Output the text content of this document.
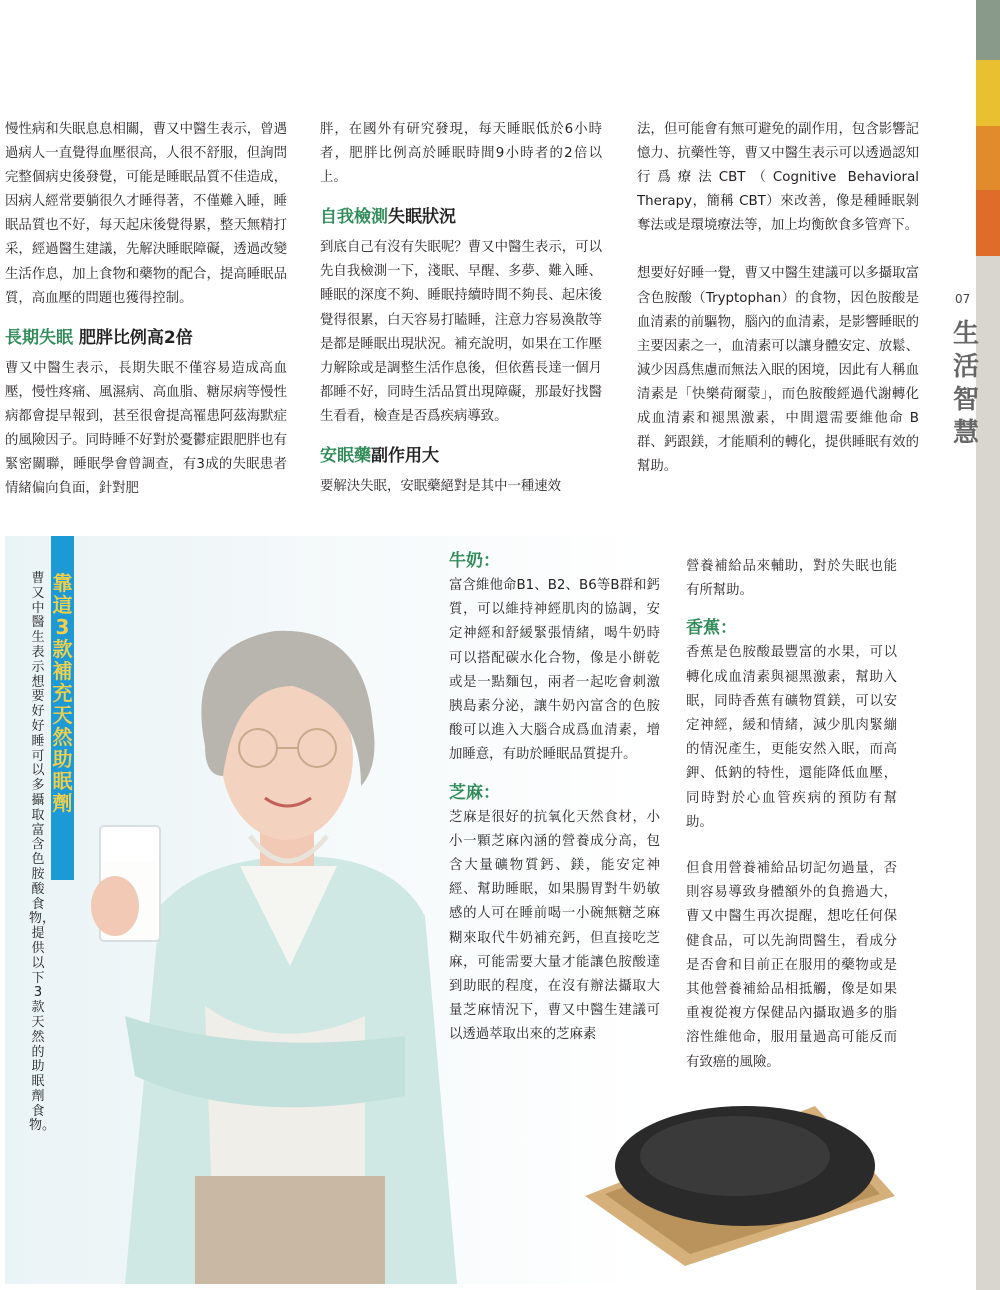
07
生活智慧

慢性病和失眠息息相關，曹又中醫生表示，曾遇過病人一直覺得血壓很高，人很不舒服，但詢問完整個病史後發覺，可能是睡眠品質不佳造成，因病人經常要躺很久才睡得著，不僅難入睡，睡眠品質也不好，每天起床後覺得累，整天無精打采，經過醫生建議，先解決睡眠障礙，透過改變生活作息，加上食物和藥物的配合，提高睡眠品質，高血壓的問題也獲得控制。

長期失眠 肥胖比例高2倍

曹又中醫生表示，長期失眠不僅容易造成高血壓，慢性疼痛、風濕病、高血脂、糖尿病等慢性病都會提早報到，甚至很會提高罹患阿茲海默症的風險因子。同時睡不好對於憂鬱症跟肥胖也有緊密關聯，睡眠學會曾調查，有3成的失眠患者情緒偏向負面，針對肥

胖，在國外有研究發現，每天睡眠低於6小時者，肥胖比例高於睡眠時間9小時者的2倍以上。

自我檢測失眠狀況

到底自己有沒有失眠呢？曹又中醫生表示，可以先自我檢測一下，淺眠、早醒、多夢、難入睡、睡眠的深度不夠、睡眠持續時間不夠長、起床後覺得很累，白天容易打瞌睡，注意力容易渙散等是都是睡眠出現狀況。補充說明，如果在工作壓力解除或是調整生活作息後，但依舊長達一個月都睡不好，同時生活品質出現障礙，那最好找醫生看看，檢查是否爲疾病導致。

安眠藥副作用大

要解決失眠，安眠藥絕對是其中一種速效

法，但可能會有無可避免的副作用，包含影響記憶力、抗藥性等，曹又中醫生表示可以透過認知行爲療法CBT（Cognitive Behavioral Therapy，簡稱 CBT）來改善，像是種睡眠剝奪法或是環境療法等，加上均衡飲食多管齊下。

想要好好睡一覺，曹又中醫生建議可以多攝取富含色胺酸（Tryptophan）的食物，因色胺酸是血清素的前驅物，腦內的血清素，是影響睡眠的主要因素之一，血清素可以讓身體安定、放鬆、減少因爲焦慮而無法入眠的困境，因此有人稱血清素是「快樂荷爾蒙」，而色胺酸經過代謝轉化成血清素和褪黑激素，中間還需要維他命 B 群、鈣跟鎂，才能順利的轉化，提供睡眠有效的幫助。

靠這3款補充天然助眠劑
曹又中醫生表示想要好好睡可以多攝取富含色胺酸食物，提供以下3款天然的助眠劑食物。

牛奶：

富含維他命B1、B2、B6等B群和鈣質，可以維持神經肌肉的協調，安定神經和舒緩緊張情緒，喝牛奶時可以搭配碳水化合物，像是小餅乾或是一點麵包，兩者一起吃會刺激胰島素分泌，讓牛奶內富含的色胺酸可以進入大腦合成爲血清素，增加睡意，有助於睡眠品質提升。

芝麻：

芝麻是很好的抗氧化天然食材，小小一顆芝麻內涵的營養成分高，包含大量礦物質鈣、鎂，能安定神經、幫助睡眠，如果腸胃對牛奶敏感的人可在睡前喝一小碗無糖芝麻糊來取代牛奶補充鈣，但直接吃芝麻，可能需要大量才能讓色胺酸達到助眠的程度，在沒有辦法攝取大量芝麻情況下，曹又中醫生建議可以透過萃取出來的芝麻素

營養補給品來輔助，對於失眠也能有所幫助。

香蕉：

香蕉是色胺酸最豐富的水果，可以轉化成血清素與褪黑激素，幫助入眠，同時香蕉有礦物質鎂，可以安定神經，緩和情緒，減少肌肉緊繃的情況產生，更能安然入眠，而高鉀、低鈉的特性，還能降低血壓，同時對於心血管疾病的預防有幫助。

但食用營養補給品切記勿過量，否則容易導致身體額外的負擔過大，曹又中醫生再次提醒，想吃任何保健食品，可以先詢問醫生，看成分是否會和目前正在服用的藥物或是其他營養補給品相抵觸，像是如果重複從複方保健品內攝取過多的脂溶性維他命，服用量過高可能反而有致癌的風險。
